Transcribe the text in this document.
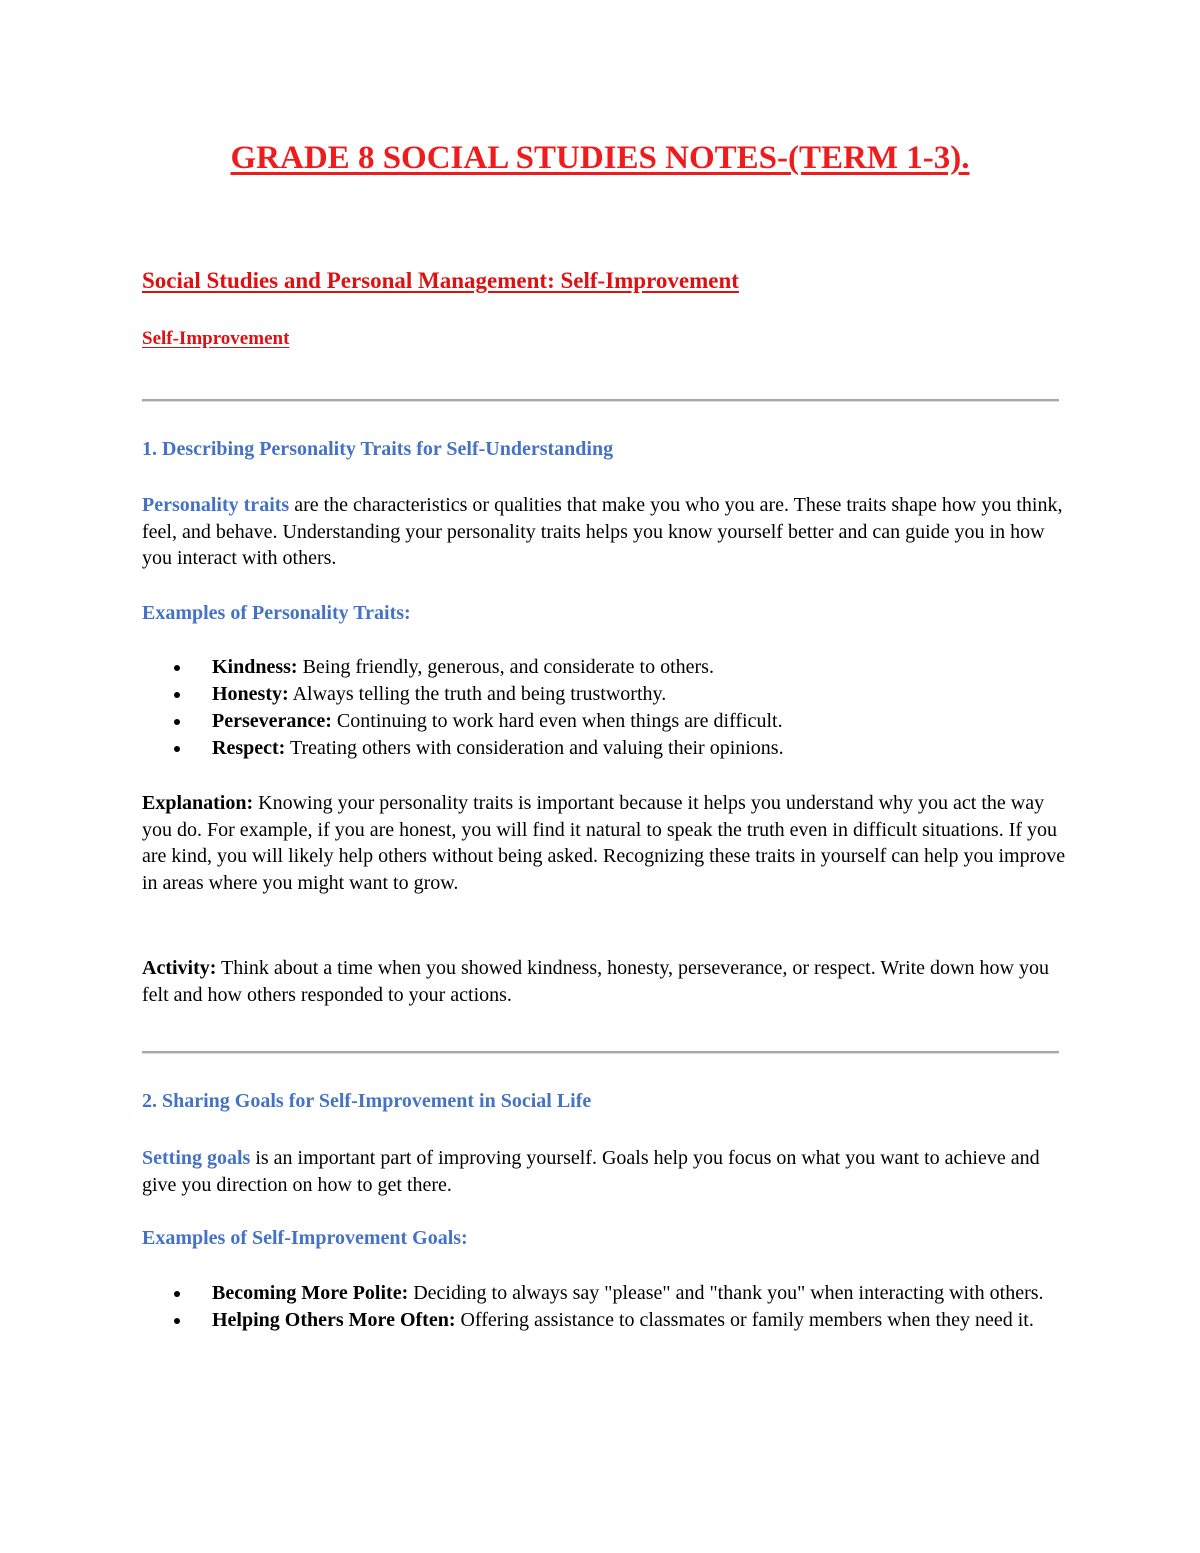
GRADE 8 SOCIAL STUDIES NOTES-(TERM 1-3).
Social Studies and Personal Management: Self-Improvement
Self-Improvement
1. Describing Personality Traits for Self-Understanding

Personality traits are the characteristics or qualities that make you who you are. These traits shape how you think, feel, and behave. Understanding your personality traits helps you know yourself better and can guide you in how you interact with others.

Examples of Personality Traits:
Kindness: Being friendly, generous, and considerate to others.
Honesty: Always telling the truth and being trustworthy.
Perseverance: Continuing to work hard even when things are difficult.
Respect: Treating others with consideration and valuing their opinions.

Explanation: Knowing your personality traits is important because it helps you understand why you act the way you do. For example, if you are honest, you will find it natural to speak the truth even in difficult situations. If you are kind, you will likely help others without being asked. Recognizing these traits in yourself can help you improve in areas where you might want to grow.

Activity: Think about a time when you showed kindness, honesty, perseverance, or respect. Write down how you felt and how others responded to your actions.

2. Sharing Goals for Self-Improvement in Social Life

Setting goals is an important part of improving yourself. Goals help you focus on what you want to achieve and give you direction on how to get there.

Examples of Self-Improvement Goals:
Becoming More Polite: Deciding to always say "please" and "thank you" when interacting with others.
Helping Others More Often: Offering assistance to classmates or family members when they need it.
